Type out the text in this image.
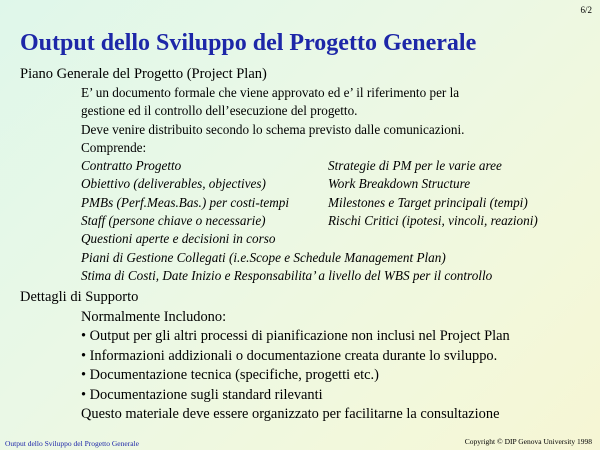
6/2
Output dello Sviluppo del Progetto Generale
Piano Generale del Progetto (Project Plan)
E’ un documento formale che viene approvato ed e’ il riferimento per la
gestione ed il controllo dell’esecuzione del progetto.
Deve venire distribuito secondo lo schema previsto dalle comunicazioni.
Comprende:
Contratto Progetto	Strategie di PM per le varie aree
Obiettivo (deliverables, objectives)	Work Breakdown Structure
PMBs (Perf.Meas.Bas.) per costi-tempi	Milestones e Target principali (tempi)
Staff (persone chiave o necessarie)	Rischi Critici (ipotesi, vincoli, reazioni)
Questioni aperte e decisioni in corso
Piani di Gestione Collegati (i.e.Scope e Schedule Management Plan)
Stima di Costi, Date Inizio e Responsabilita’ a livello del WBS per il controllo
Dettagli di Supporto
Normalmente Includono:
• Output per gli altri processi di pianificazione non inclusi nel Project Plan
• Informazioni addizionali o documentazione creata durante lo sviluppo.
• Documentazione tecnica (specifiche, progetti etc.)
• Documentazione sugli standard rilevanti
Questo materiale deve essere organizzato per facilitarne la consultazione
Output dello Sviluppo del Progetto Generale	Copyright © DIP Genova University 1998
